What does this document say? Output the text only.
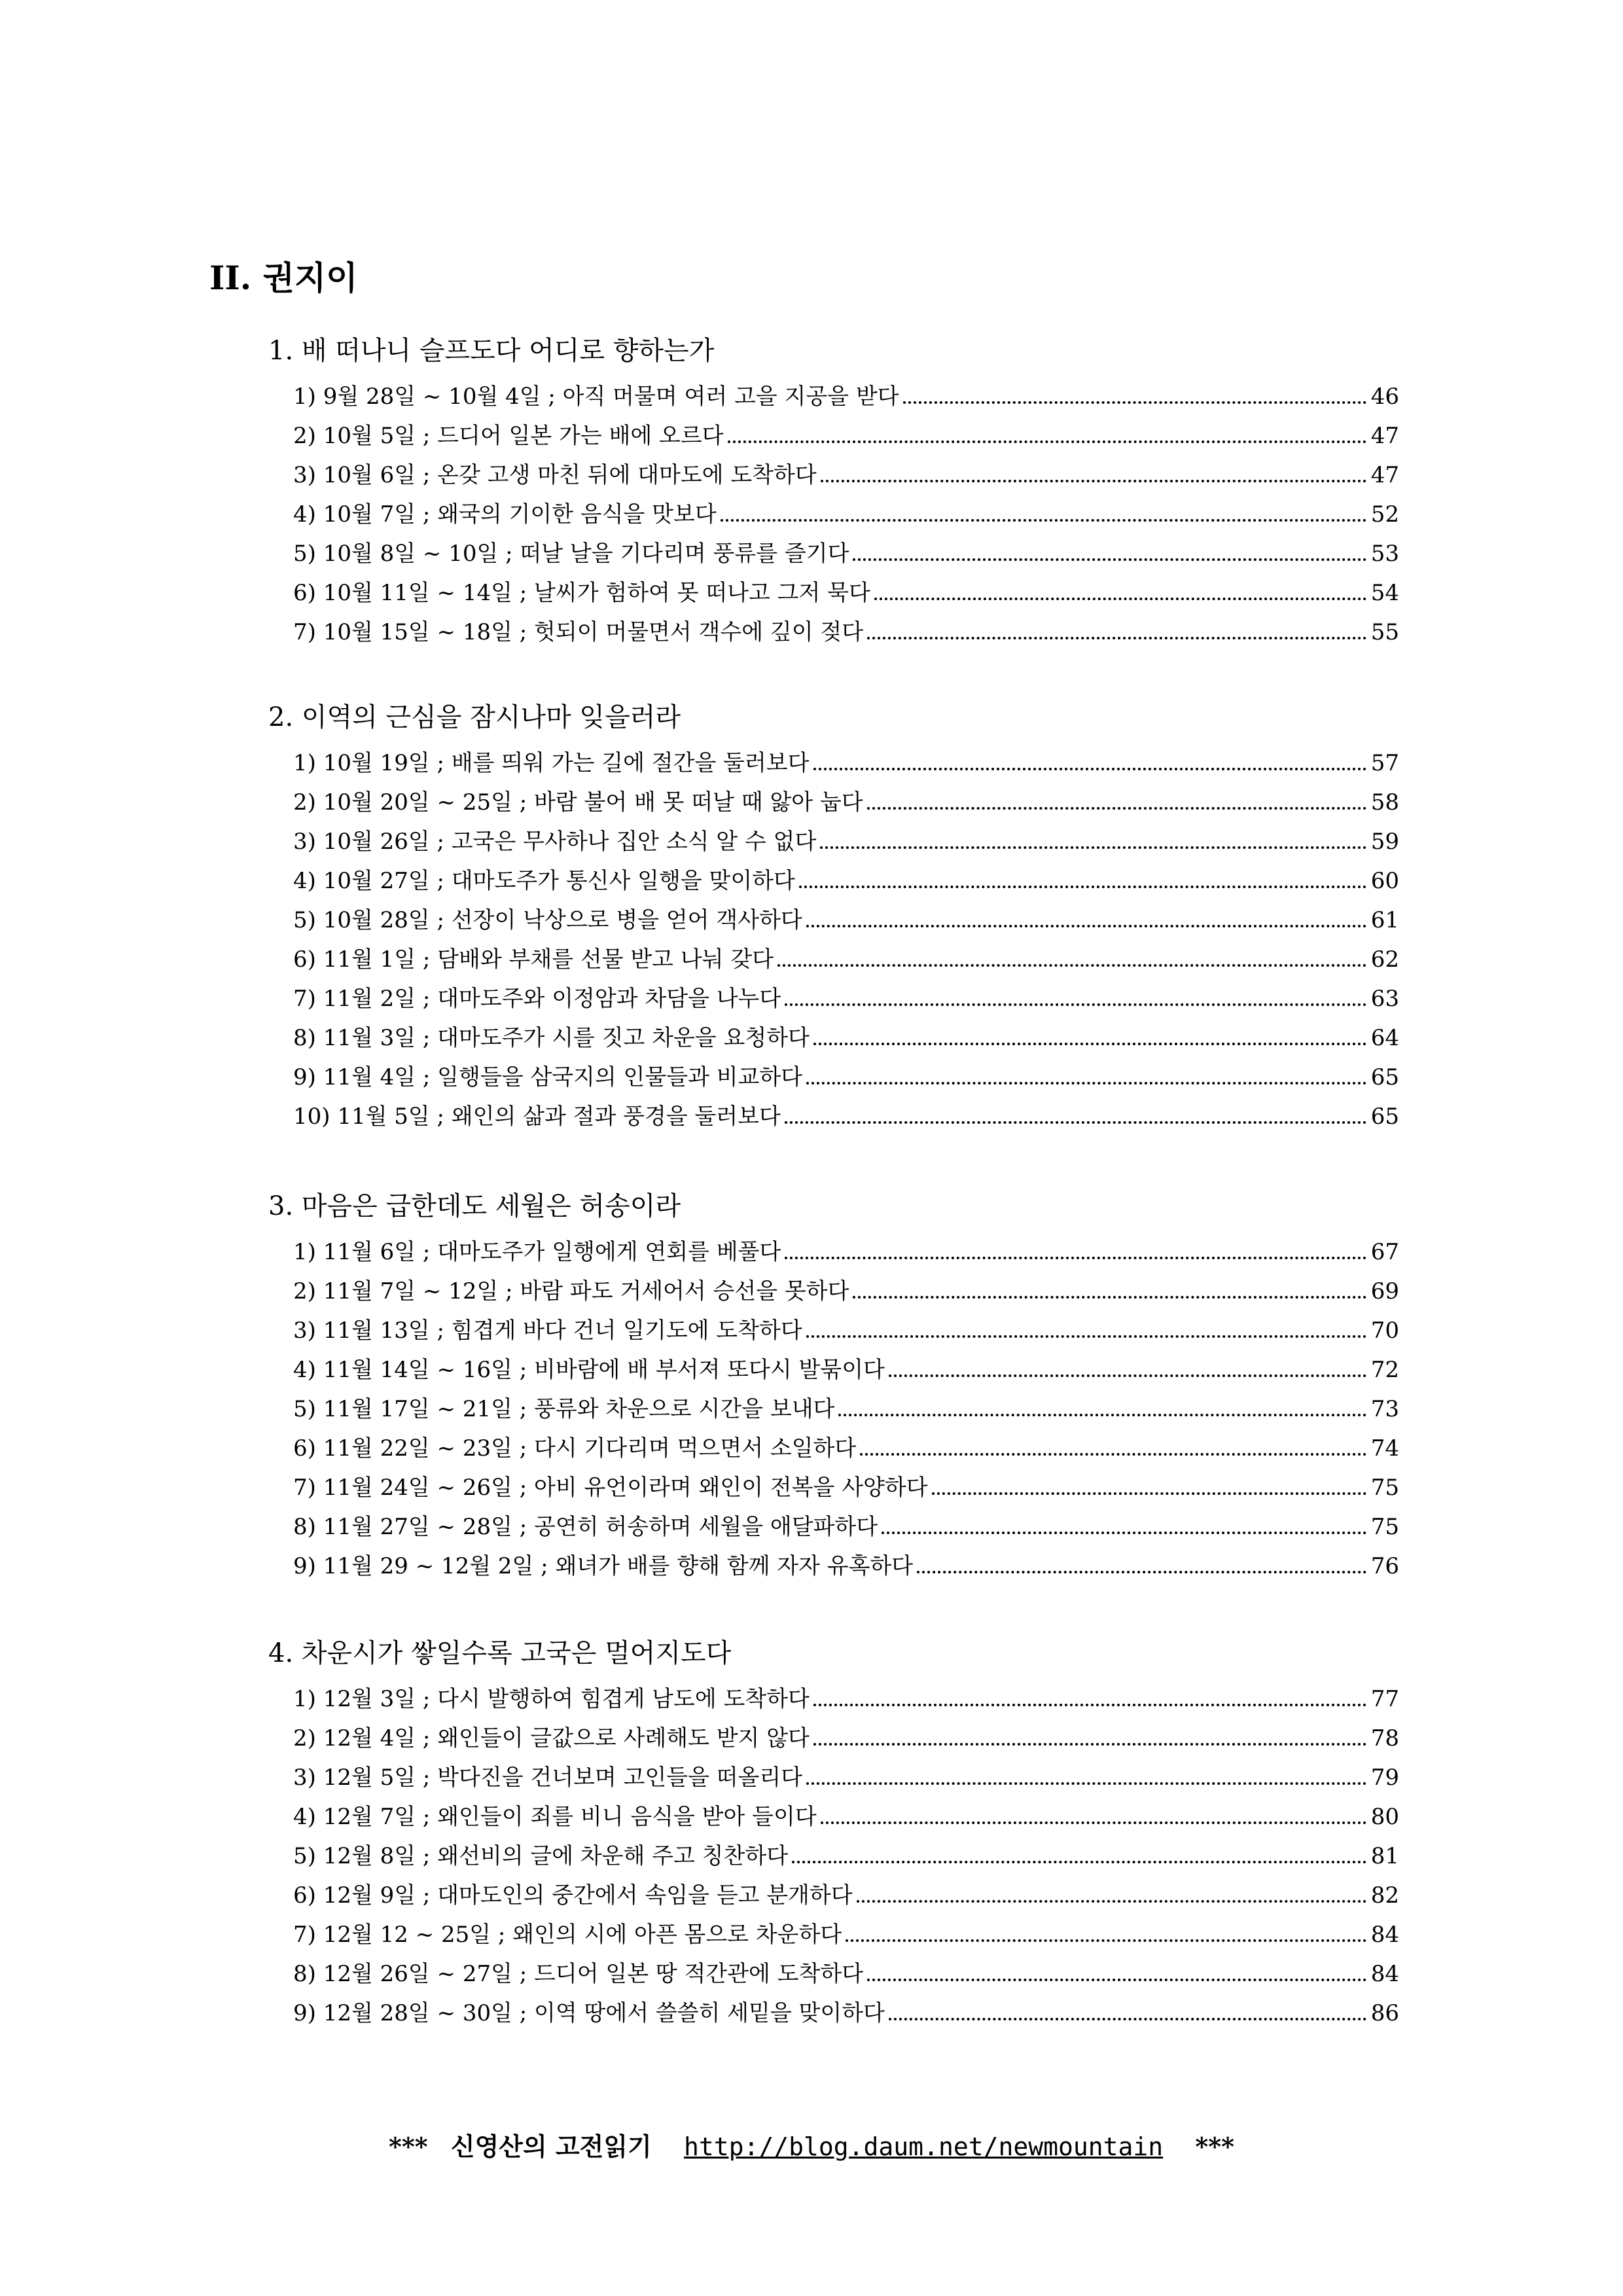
II. 권지이
1. 배 떠나니 슬프도다 어디로 향하는가
1) 9월 28일 ~ 10월 4일 ; 아직 머물며 여러 고을 지공을 받다	46
2) 10월 5일 ; 드디어 일본 가는 배에 오르다	47
3) 10월 6일 ; 온갖 고생 마친 뒤에 대마도에 도착하다	47
4) 10월 7일 ; 왜국의 기이한 음식을 맛보다	52
5) 10월 8일 ~ 10일 ; 떠날 날을 기다리며 풍류를 즐기다	53
6) 10월 11일 ~ 14일 ; 날씨가 험하여 못 떠나고 그저 묵다	54
7) 10월 15일 ~ 18일 ; 헛되이 머물면서 객수에 깊이 젖다	55
2. 이역의 근심을 잠시나마 잊을러라
1) 10월 19일 ; 배를 띄워 가는 길에 절간을 둘러보다	57
2) 10월 20일 ~ 25일 ; 바람 불어 배 못 떠날 때 앓아 눕다	58
3) 10월 26일 ; 고국은 무사하나 집안 소식 알 수 없다	59
4) 10월 27일 ; 대마도주가 통신사 일행을 맞이하다	60
5) 10월 28일 ; 선장이 낙상으로 병을 얻어 객사하다	61
6) 11월 1일 ; 담배와 부채를 선물 받고 나눠 갖다	62
7) 11월 2일 ; 대마도주와 이정암과 차담을 나누다	63
8) 11월 3일 ; 대마도주가 시를 짓고 차운을 요청하다	64
9) 11월 4일 ; 일행들을 삼국지의 인물들과 비교하다	65
10) 11월 5일 ; 왜인의 삶과 절과 풍경을 둘러보다	65
3. 마음은 급한데도 세월은 허송이라
1) 11월 6일 ; 대마도주가 일행에게 연회를 베풀다	67
2) 11월 7일 ~ 12일 ; 바람 파도 거세어서 승선을 못하다	69
3) 11월 13일 ; 힘겹게 바다 건너 일기도에 도착하다	70
4) 11월 14일 ~ 16일 ; 비바람에 배 부서져 또다시 발묶이다	72
5) 11월 17일 ~ 21일 ; 풍류와 차운으로 시간을 보내다	73
6) 11월 22일 ~ 23일 ; 다시 기다리며 먹으면서 소일하다	74
7) 11월 24일 ~ 26일 ; 아비 유언이라며 왜인이 전복을 사양하다	75
8) 11월 27일 ~ 28일 ; 공연히 허송하며 세월을 애달파하다	75
9) 11월 29 ~ 12월 2일 ; 왜녀가 배를 향해 함께 자자 유혹하다	76
4. 차운시가 쌓일수록 고국은 멀어지도다
1) 12월 3일 ; 다시 발행하여 힘겹게 남도에 도착하다	77
2) 12월 4일 ; 왜인들이 글값으로 사례해도 받지 않다	78
3) 12월 5일 ; 박다진을 건너보며 고인들을 떠올리다	79
4) 12월 7일 ; 왜인들이 죄를 비니 음식을 받아 들이다	80
5) 12월 8일 ; 왜선비의 글에 차운해 주고 칭찬하다	81
6) 12월 9일 ; 대마도인의 중간에서 속임을 듣고 분개하다	82
7) 12월 12 ~ 25일 ; 왜인의 시에 아픈 몸으로 차운하다	84
8) 12월 26일 ~ 27일 ; 드디어 일본 땅 적간관에 도착하다	84
9) 12월 28일 ~ 30일 ; 이역 땅에서 쓸쓸히 세밑을 맞이하다	86
*** 신영산의 고전읽기 http://blog.daum.net/newmountain ***
